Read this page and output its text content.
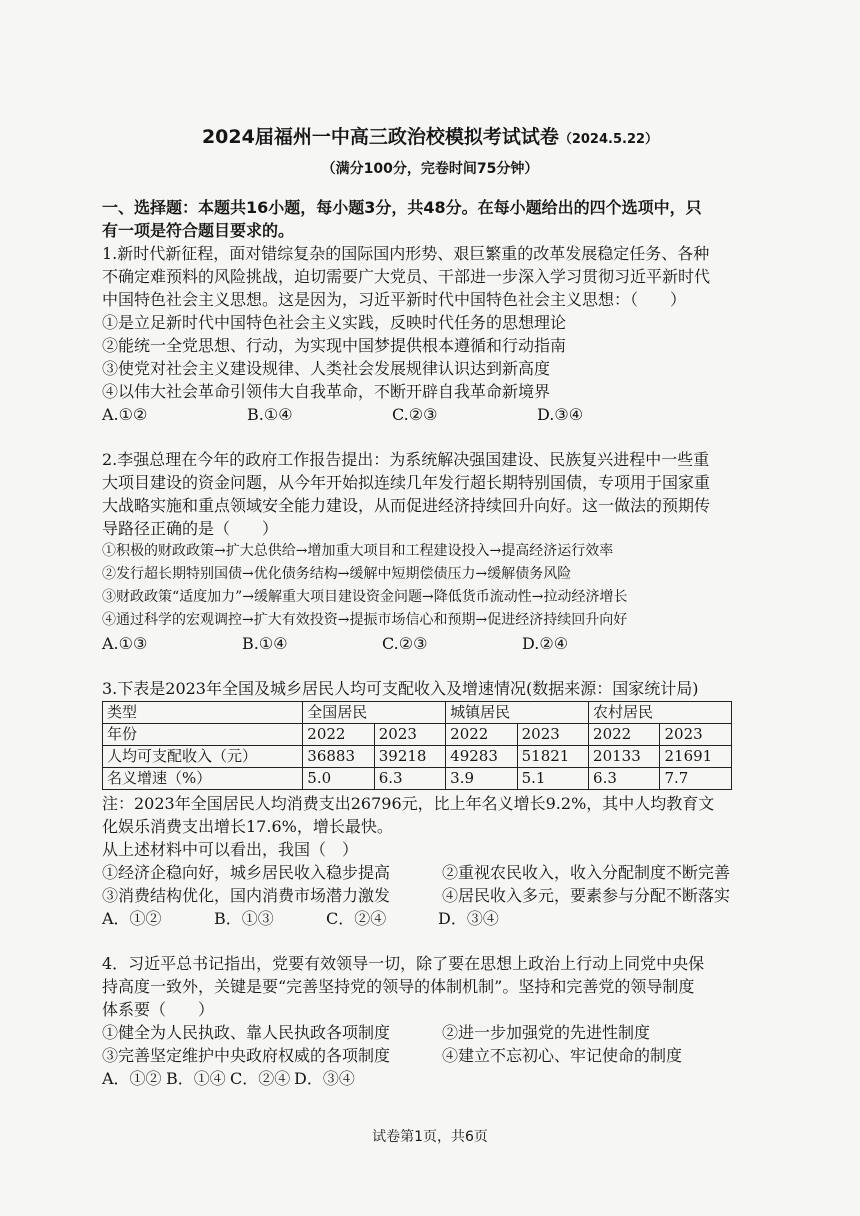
2024届福州一中高三政治校模拟考试试卷（2024.5.22）
（满分100分，完卷时间75分钟）
一、选择题：本题共16小题，每小题3分，共48分。在每小题给出的四个选项中，只
有一项是符合题目要求的。
1.新时代新征程，面对错综复杂的国际国内形势、艰巨繁重的改革发展稳定任务、各种
不确定难预料的风险挑战，迫切需要广大党员、干部进一步深入学习贯彻习近平新时代
中国特色社会主义思想。这是因为，习近平新时代中国特色社会主义思想：（　　）
①是立足新时代中国特色社会主义实践，反映时代任务的思想理论
②能统一全党思想、行动，为实现中国梦提供根本遵循和行动指南
③使党对社会主义建设规律、人类社会发展规律认识达到新高度
④以伟大社会革命引领伟大自我革命，不断开辟自我革命新境界
A.①②	B.①④	C.②③	D.③④
2.李强总理在今年的政府工作报告提出：为系统解决强国建设、民族复兴进程中一些重
大项目建设的资金问题，从今年开始拟连续几年发行超长期特别国债，专项用于国家重
大战略实施和重点领域安全能力建设，从而促进经济持续回升向好。这一做法的预期传
导路径正确的是（　　）
①积极的财政政策→扩大总供给→增加重大项目和工程建设投入→提高经济运行效率
②发行超长期特别国债→优化债务结构→缓解中短期偿债压力→缓解债务风险
③财政政策“适度加力”→缓解重大项目建设资金问题→降低货币流动性→拉动经济增长
④通过科学的宏观调控→扩大有效投资→提振市场信心和预期→促进经济持续回升向好
A.①③	B.①④	C.②③	D.②④
3.下表是2023年全国及城乡居民人均可支配收入及增速情况(数据来源：国家统计局)
类型	全国居民		城镇居民		农村居民	
年份	2022	2023	2022	2023	2022	2023
人均可支配收入（元）	36883	39218	49283	51821	20133	21691
名义增速（%）	5.0	6.3	3.9	5.1	6.3	7.7
注：2023年全国居民人均消费支出26796元，比上年名义增长9.2%，其中人均教育文
化娱乐消费支出增长17.6%，增长最快。
从上述材料中可以看出，我国（　）
①经济企稳向好，城乡居民收入稳步提高	②重视农民收入，收入分配制度不断完善
③消费结构优化，国内消费市场潜力激发	④居民收入多元，要素参与分配不断落实
A．①②	B．①③	C．②④	D．③④
4．习近平总书记指出，党要有效领导一切，除了要在思想上政治上行动上同党中央保
持高度一致外，关键是要“完善坚持党的领导的体制机制”。坚持和完善党的领导制度
体系要（　　）
①健全为人民执政、靠人民执政各项制度	②进一步加强党的先进性制度
③完善坚定维护中央政府权威的各项制度	④建立不忘初心、牢记使命的制度
A．①② B．①④ C．②④ D．③④
试卷第1页，共6页
